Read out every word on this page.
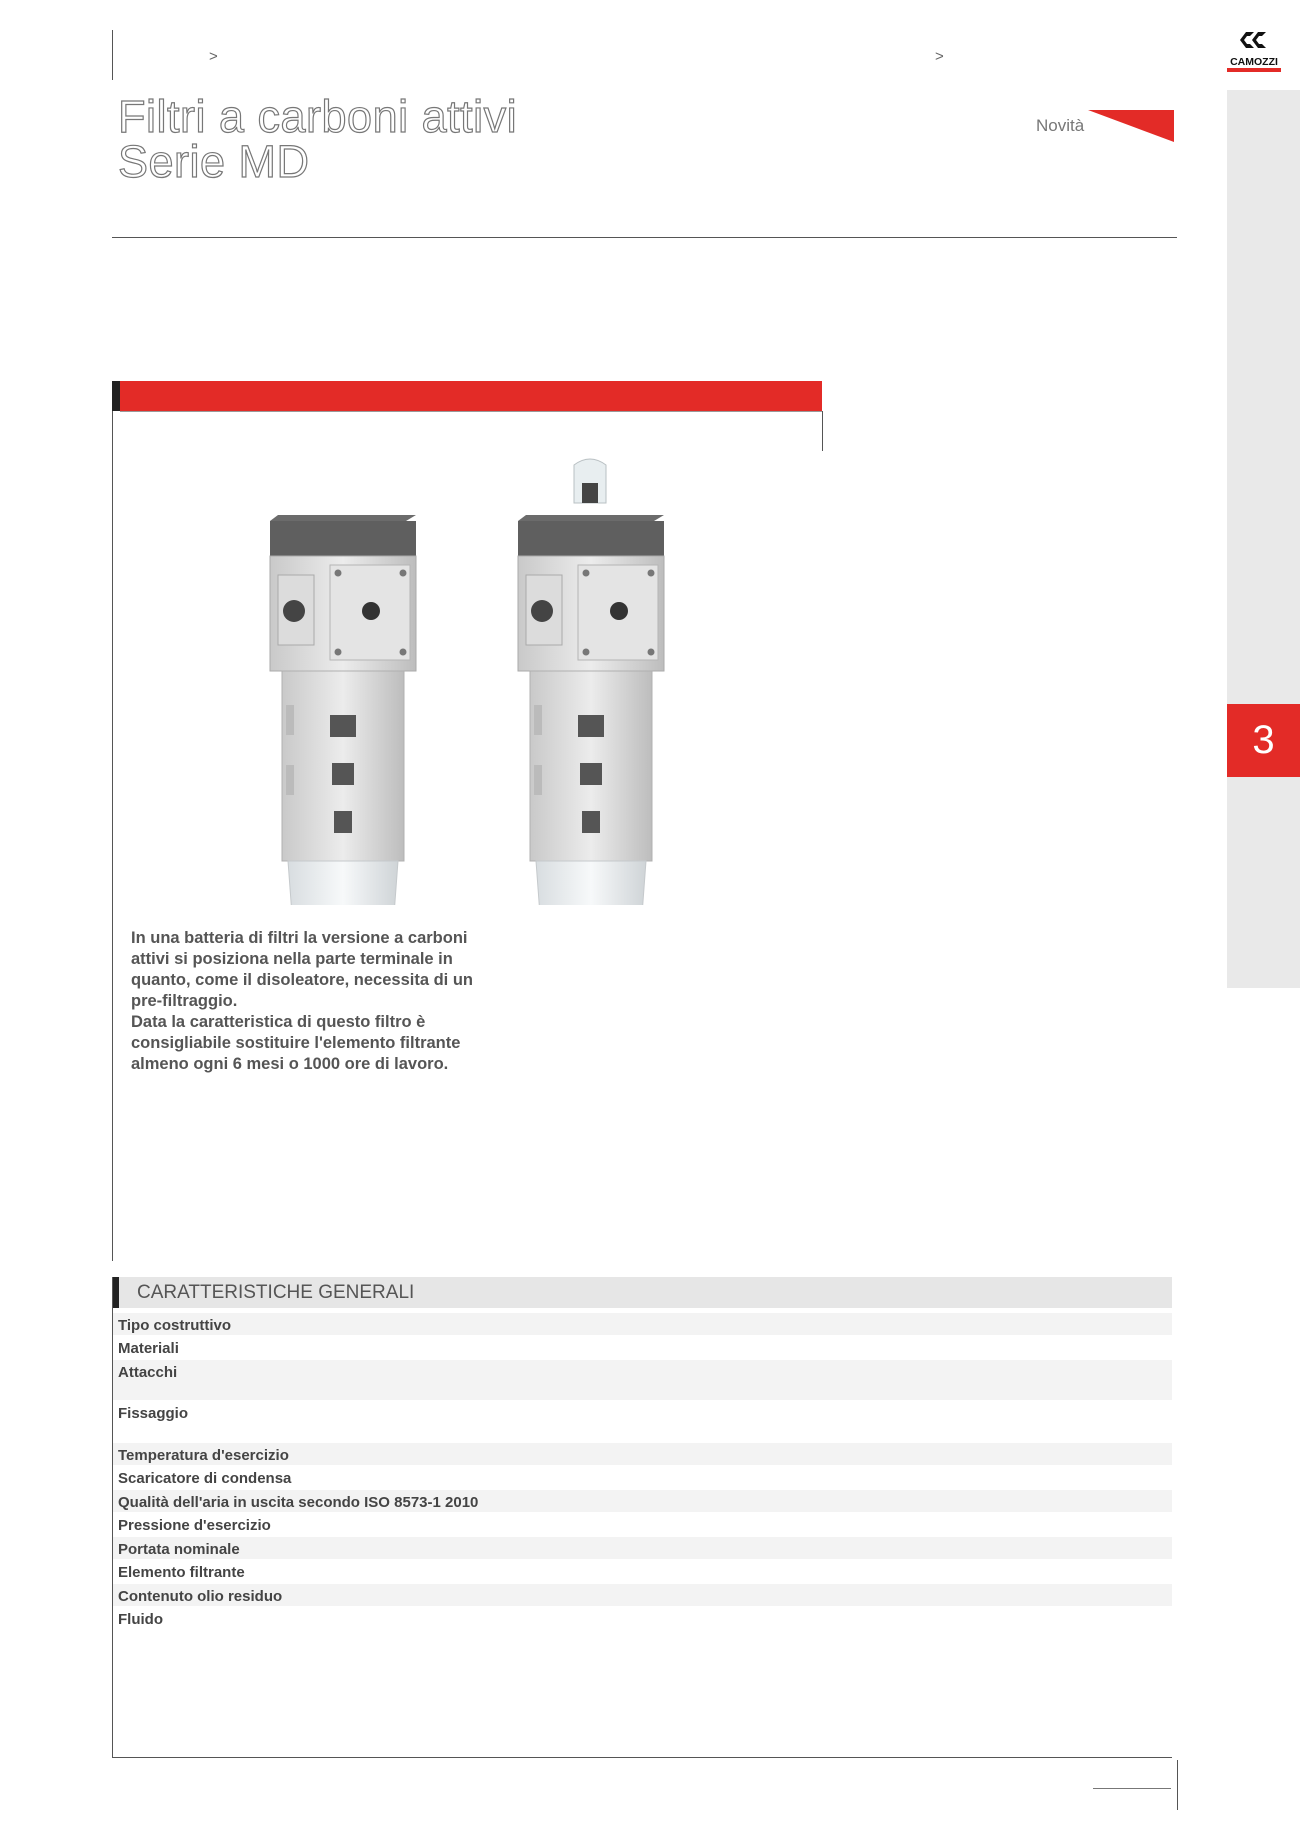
>	>	CAMOZZI
Filtri a carboni attivi
Serie MD
Novità
3

In una batteria di filtri la versione a carboni attivi si posiziona nella parte terminale in quanto, come il disoleatore, necessita di un pre-filtraggio.

Data la caratteristica di questo filtro è consigliabile sostituire l'elemento filtrante almeno ogni 6 mesi o 1000 ore di lavoro.

CARATTERISTICHE GENERALI
Tipo costruttivo
Materiali
Attacchi
Fissaggio
Temperatura d'esercizio
Scaricatore di condensa
Qualità dell'aria in uscita secondo ISO 8573-1 2010
Pressione d'esercizio
Portata nominale
Elemento filtrante
Contenuto olio residuo
Fluido
